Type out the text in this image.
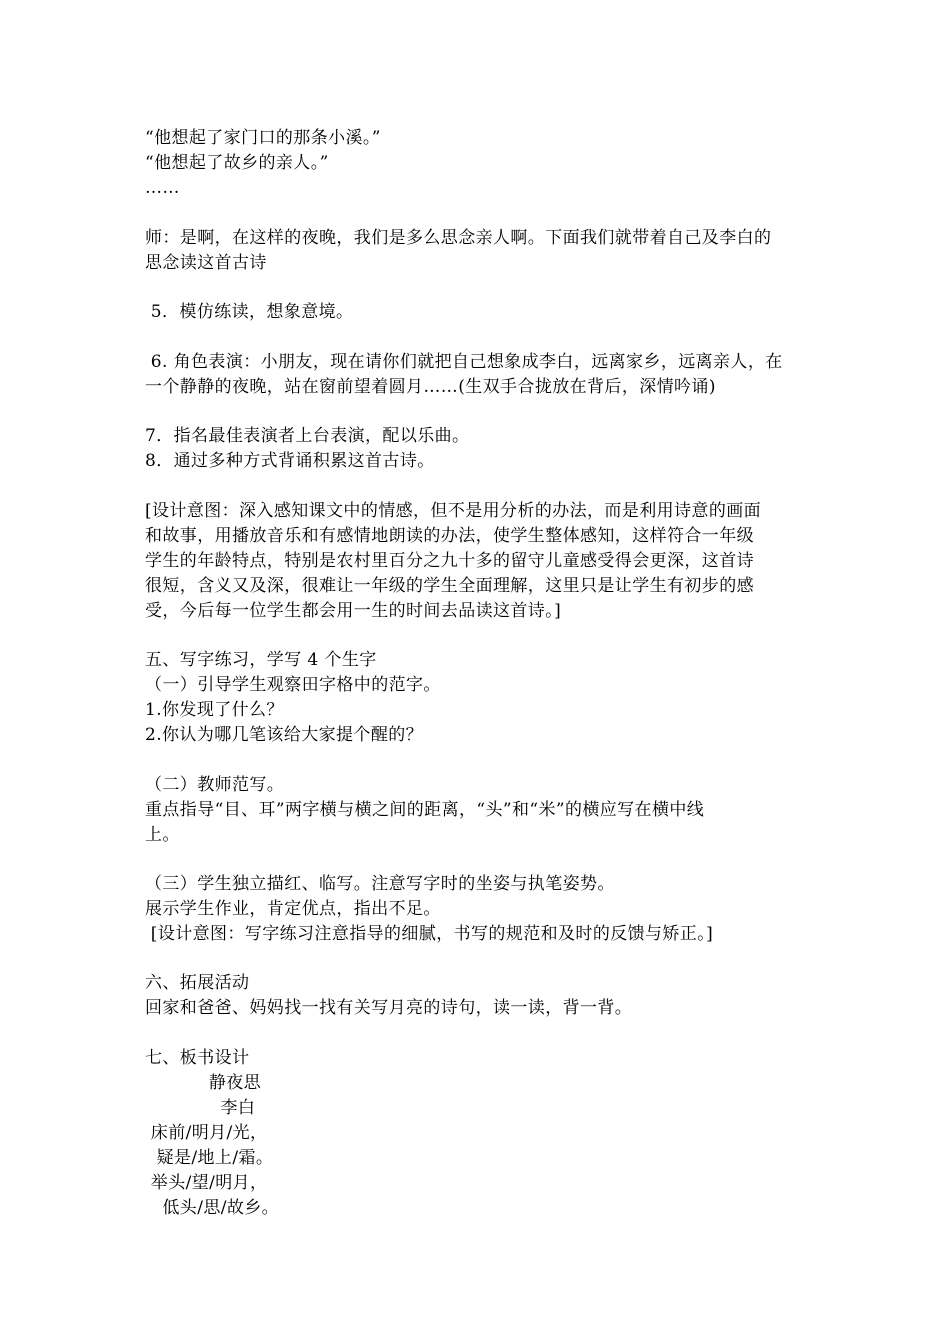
“他想起了家门口的那条小溪。”
“他想起了故乡的亲人。”
……
师：是啊，在这样的夜晚，我们是多么思念亲人啊。下面我们就带着自己及李白的
思念读这首古诗
5．模仿练读，想象意境。
6. 角色表演：小朋友，现在请你们就把自己想象成李白，远离家乡，远离亲人，在
一个静静的夜晚，站在窗前望着圆月……(生双手合拢放在背后，深情吟诵)
7．指名最佳表演者上台表演，配以乐曲。
8．通过多种方式背诵积累这首古诗。
[设计意图：深入感知课文中的情感，但不是用分析的办法，而是利用诗意的画面
和故事，用播放音乐和有感情地朗读的办法，使学生整体感知，这样符合一年级
学生的年龄特点，特别是农村里百分之九十多的留守儿童感受得会更深，这首诗
很短，含义又及深，很难让一年级的学生全面理解，这里只是让学生有初步的感
受，今后每一位学生都会用一生的时间去品读这首诗。]
五、写字练习，学写 4 个生字
（一）引导学生观察田字格中的范字。
1.你发现了什么？
2.你认为哪几笔该给大家提个醒的？
（二）教师范写。
重点指导“目、耳”两字横与横之间的距离，“头”和“米”的横应写在横中线
上。
（三）学生独立描红、临写。注意写字时的坐姿与执笔姿势。
展示学生作业，肯定优点，指出不足。
[设计意图：写字练习注意指导的细腻，书写的规范和及时的反馈与矫正。]
六、拓展活动
回家和爸爸、妈妈找一找有关写月亮的诗句，读一读，背一背。
七、板书设计
静夜思
李白
床前/明月/光，
疑是/地上/霜。
举头/望/明月，
低头/思/故乡。
